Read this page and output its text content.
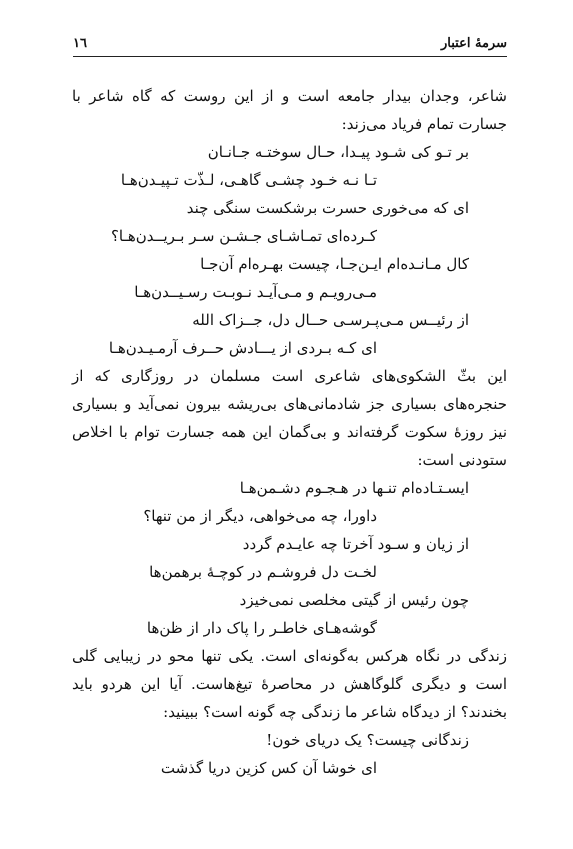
سرمهٔ اعتبار
١٦

شاعر، وجدان بیدار جامعه است و از این روست که گاه شاعر با جسارت تمام فریاد می‌زند:

بر تـو کی شـود پیـدا، حـال سوختـه جـانـان
تـا نـه خـود چشـی گاهـی، لـذّت تـپیـدن‌هـا
ای که می‌خوری حسرت برشکست سنگی چند
کـرده‌ای تمـاشـای جـشـن سـر بـریــدن‌هـا؟
کال مـانـده‌ام ایـن‌جـا، چیست بهـره‌ام آن‌جـا
مـی‌رویـم و مـی‌آیـد نـوبـت رسـیــدن‌هـا
از رئیــس مـی‌پـرسـی حــال دل، جــزاک الله
ای کـه بـردی از یـــادش حــرف آرمـیـدن‌هـا

این بثّ الشکوی‌های شاعری است مسلمان در روزگاری که از حنجره‌های بسیاری جز شادمانی‌های بی‌ریشه بیرون نمی‌آید و بسیاری نیز روزهٔ سکوت گرفته‌اند و بی‌گمان این همه جسارت توام با اخلاص ستودنی است:

ایسـتـاده‌ام تنـها در هـجـوم دشـمن‌هـا
داورا، چه می‌خواهی، دیگر از من تنها؟
از زیان و سـود آخرتا چه عایـدم گردد
لخـت دل فروشـم در کوچـهٔ برهمن‌ها
چون رئیس از گیتی مخلصی نمی‌خیزد
گوشه‌هـای خاطـر را پاک دار از ظن‌ها

زندگی در نگاه هرکس به‌گونه‌ای است. یکی تنها محو در زیبایی گلی است و دیگری گلوگاهش در محاصرهٔ تیغ‌هاست. آیا این هردو باید بخندند؟ از دیدگاه شاعر ما زندگی چه گونه است؟ ببینید:

زندگانی چیست؟ یک دریای خون!
ای خوشا آن کس کزین دریا گذشت
